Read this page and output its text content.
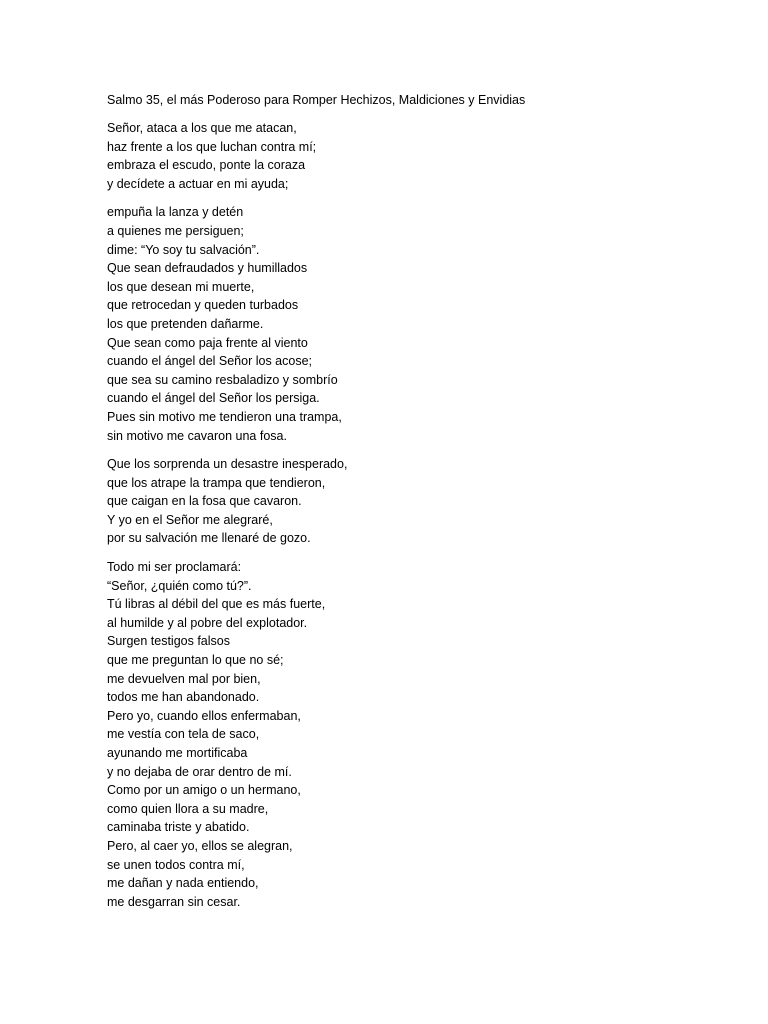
Salmo 35, el más Poderoso para Romper Hechizos, Maldiciones y Envidias
Señor, ataca a los que me atacan,
haz frente a los que luchan contra mí;
embraza el escudo, ponte la coraza
y decídete a actuar en mi ayuda;
empuña la lanza y detén
a quienes me persiguen;
dime: “Yo soy tu salvación”.
Que sean defraudados y humillados
los que desean mi muerte,
que retrocedan y queden turbados
los que pretenden dañarme.
Que sean como paja frente al viento
cuando el ángel del Señor los acose;
que sea su camino resbaladizo y sombrío
cuando el ángel del Señor los persiga.
Pues sin motivo me tendieron una trampa,
sin motivo me cavaron una fosa.
Que los sorprenda un desastre inesperado,
que los atrape la trampa que tendieron,
que caigan en la fosa que cavaron.
Y yo en el Señor me alegraré,
por su salvación me llenaré de gozo.
Todo mi ser proclamará:
“Señor, ¿quién como tú?”.
Tú libras al débil del que es más fuerte,
al humilde y al pobre del explotador.
Surgen testigos falsos
que me preguntan lo que no sé;
me devuelven mal por bien,
todos me han abandonado.
Pero yo, cuando ellos enfermaban,
me vestía con tela de saco,
ayunando me mortificaba
y no dejaba de orar dentro de mí.
Como por un amigo o un hermano,
como quien llora a su madre,
caminaba triste y abatido.
Pero, al caer yo, ellos se alegran,
se unen todos contra mí,
me dañan y nada entiendo,
me desgarran sin cesar.
